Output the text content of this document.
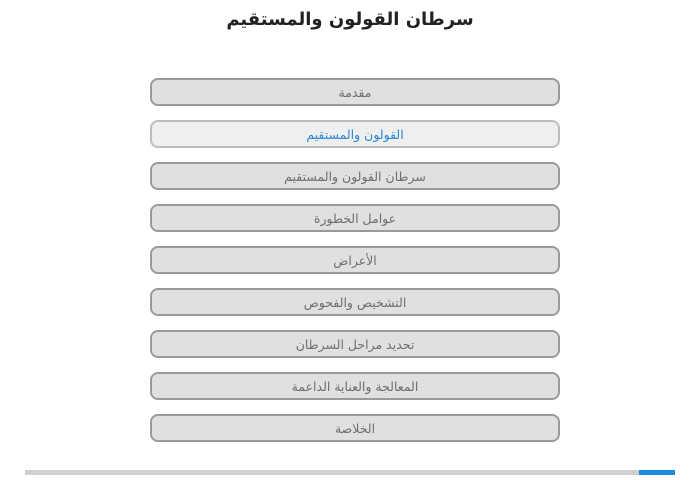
سرطان القولون والمستقيم
مقدمة
القولون والمستقيم
سرطان القولون والمستقيم
عوامل الخطورة
الأعراض
التشخيص والفحوص
تحديد مراحل السرطان
المعالجة والعناية الداعمة
الخلاصة
